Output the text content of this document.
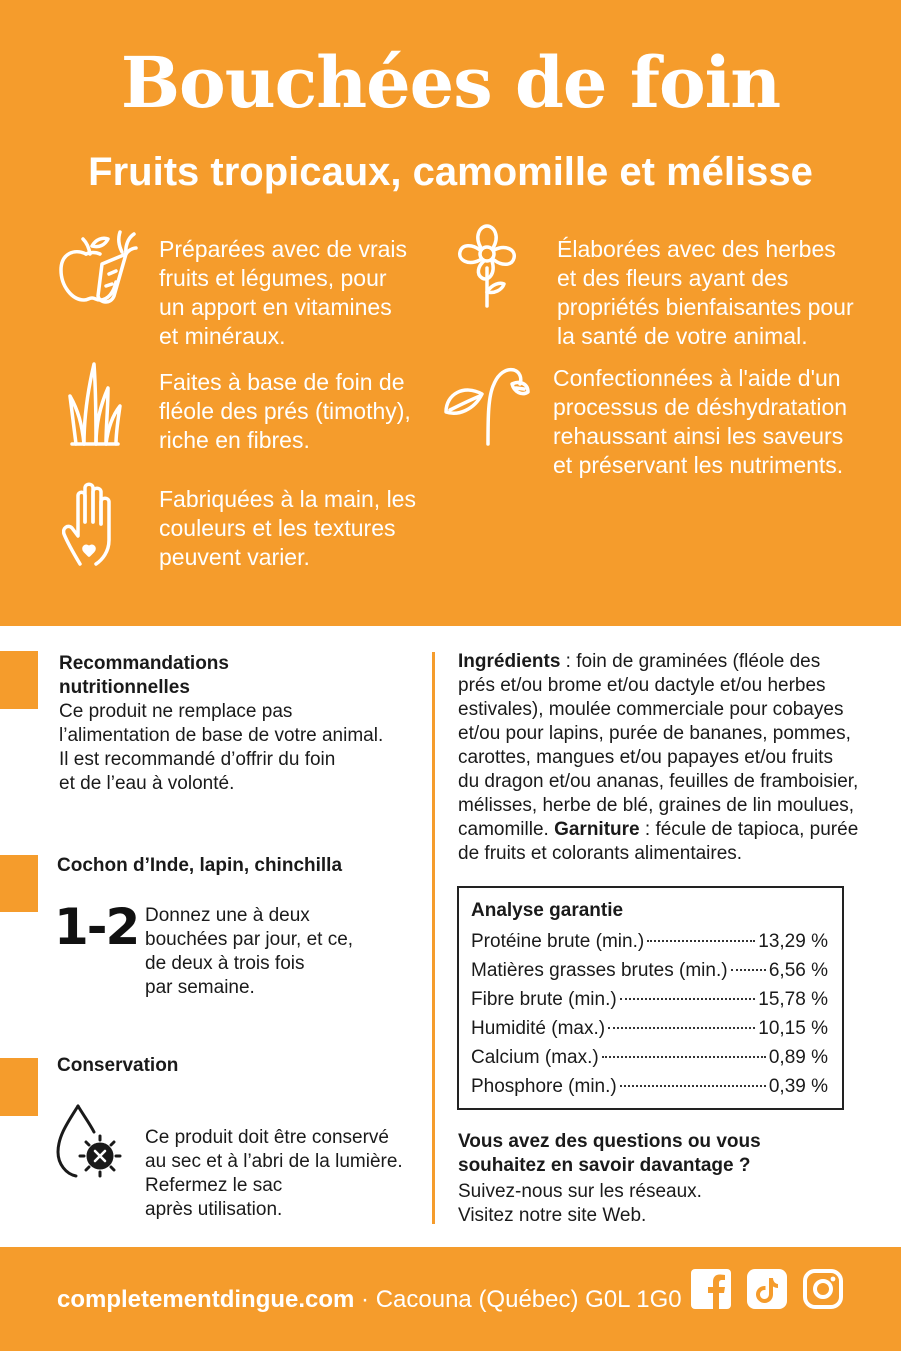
Bouchées de foin
Fruits tropicaux, camomille et mélisse
Préparées avec de vrais
fruits et légumes, pour
un apport en vitamines
et minéraux.
Faites à base de foin de
fléole des prés (timothy),
riche en fibres.
Fabriquées à la main, les
couleurs et les textures
peuvent varier.
Élaborées avec des herbes
et des fleurs ayant des
propriétés bienfaisantes pour
la santé de votre animal.
Confectionnées à l'aide d'un
processus de déshydratation
rehaussant ainsi les saveurs
et préservant les nutriments.
Recommandations
nutritionnelles
Ce produit ne remplace pas
l’alimentation de base de votre animal.
Il est recommandé d’offrir du foin
et de l’eau à volonté.
Cochon d’Inde, lapin, chinchilla
1-2 Donnez une à deux
bouchées par jour, et ce,
de deux à trois fois
par semaine.
Conservation
Ce produit doit être conservé
au sec et à l’abri de la lumière.
Refermez le sac
après utilisation.
Ingrédients : foin de graminées (fléole des
prés et/ou brome et/ou dactyle et/ou herbes
estivales), moulée commerciale pour cobayes
et/ou pour lapins, purée de bananes, pommes,
carottes, mangues et/ou papayes et/ou fruits
du dragon et/ou ananas, feuilles de framboisier,
mélisses, herbe de blé, graines de lin moulues,
camomille. Garniture : fécule de tapioca, purée
de fruits et colorants alimentaires.
Analyse garantie
Protéine brute (min.)	13,29 %
Matières grasses brutes (min.) 6,56 %
Fibre brute (min.)	15,78 %
Humidité (max.)	10,15 %
Calcium (max.)	0,89 %
Phosphore (min.)	0,39 %
Vous avez des questions ou vous
souhaitez en savoir davantage ?
Suivez-nous sur les réseaux.
Visitez notre site Web.
completementdingue.com · Cacouna (Québec) G0L 1G0
